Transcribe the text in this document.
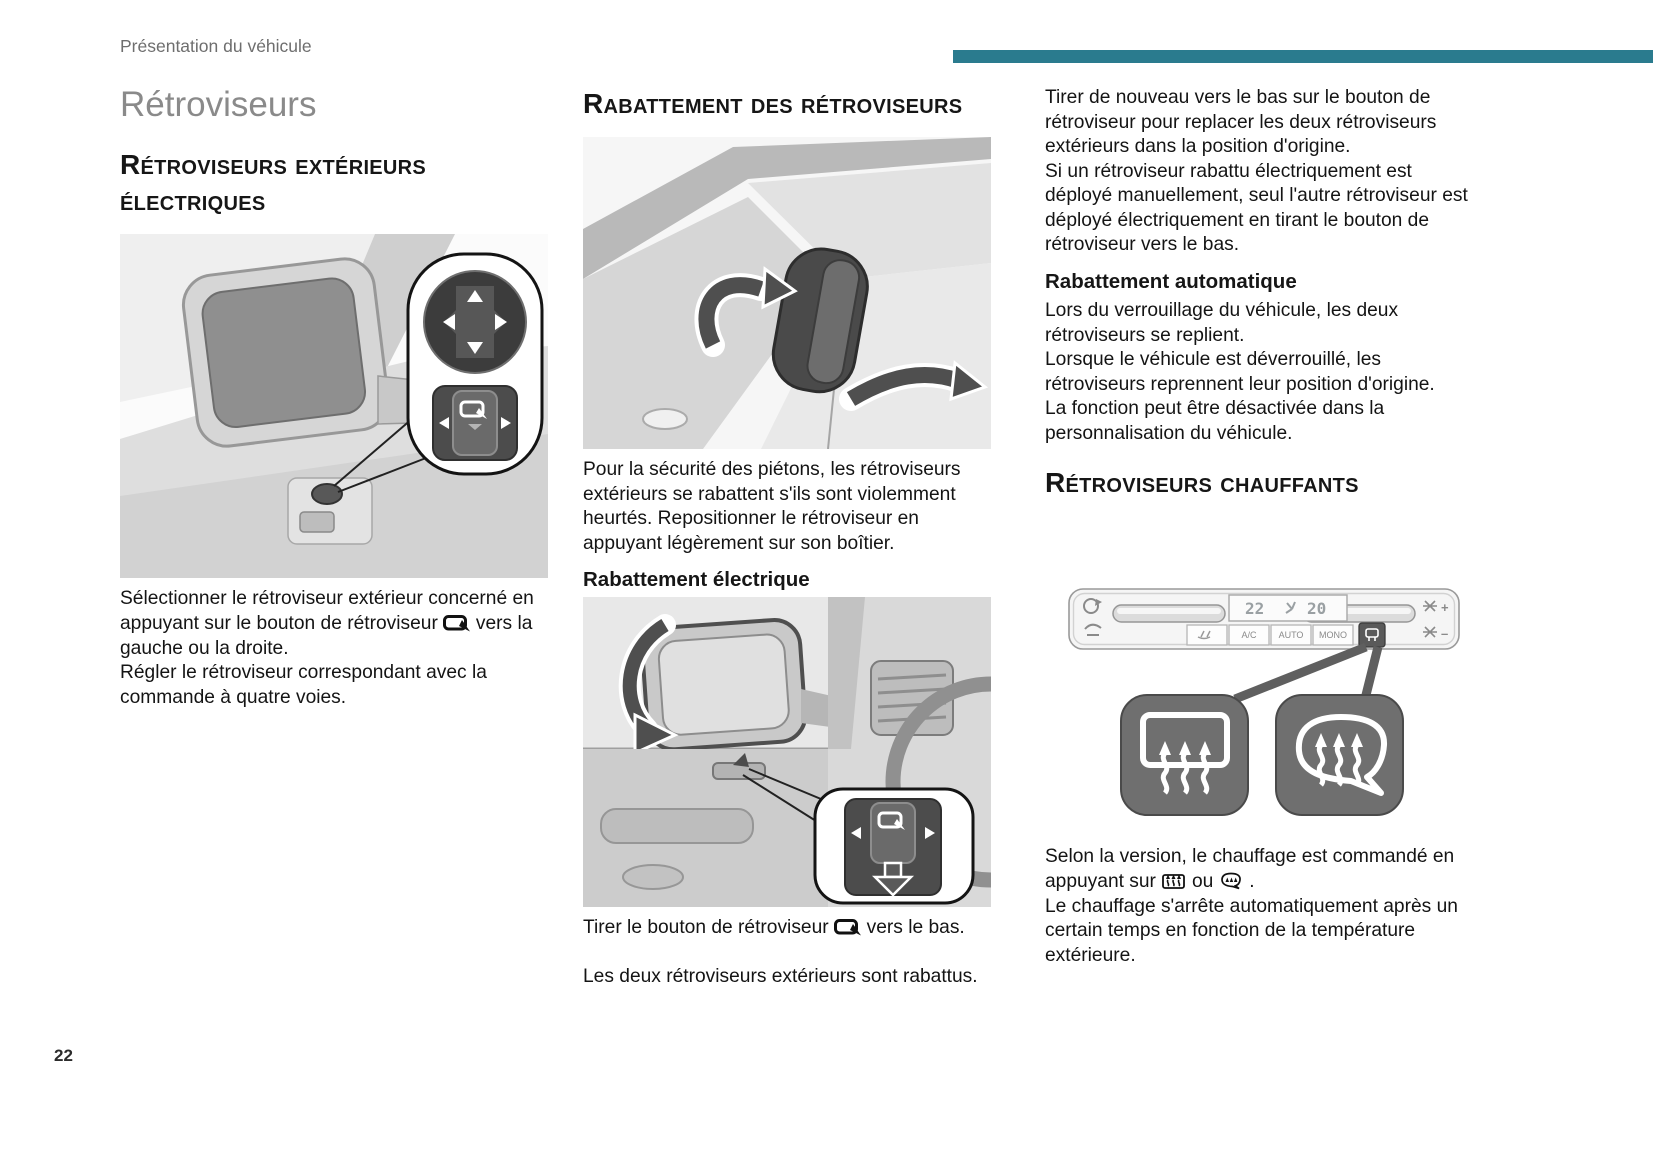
Présentation du véhicule
Rétroviseurs
Rétroviseurs extérieurs électriques

Sélectionner le rétroviseur extérieur concerné en appuyant sur le bouton de rétroviseur vers la gauche ou la droite.

Régler le rétroviseur correspondant avec la commande à quatre voies.

Rabattement des rétroviseurs

Pour la sécurité des piétons, les rétroviseurs extérieurs se rabattent s'ils sont violemment heurtés. Repositionner le rétroviseur en appuyant légèrement sur son boîtier.

Rabattement électrique

Tirer le bouton de rétroviseur vers le bas.

Les deux rétroviseurs extérieurs sont rabattus.

Tirer de nouveau vers le bas sur le bouton de rétroviseur pour replacer les deux rétroviseurs extérieurs dans la position d'origine.

Si un rétroviseur rabattu électriquement est déployé manuellement, seul l'autre rétroviseur est déployé électriquement en tirant le bouton de rétroviseur vers le bas.

Rabattement automatique

Lors du verrouillage du véhicule, les deux rétroviseurs se replient.

Lorsque le véhicule est déverrouillé, les rétroviseurs reprennent leur position d'origine.

La fonction peut être désactivée dans la personnalisation du véhicule.

Rétroviseurs chauffants
22	20
A/C AUTO MONO
+
–

Selon la version, le chauffage est commandé en appuyant sur ou .

Le chauffage s'arrête automatiquement après un certain temps en fonction de la température extérieure.

22
